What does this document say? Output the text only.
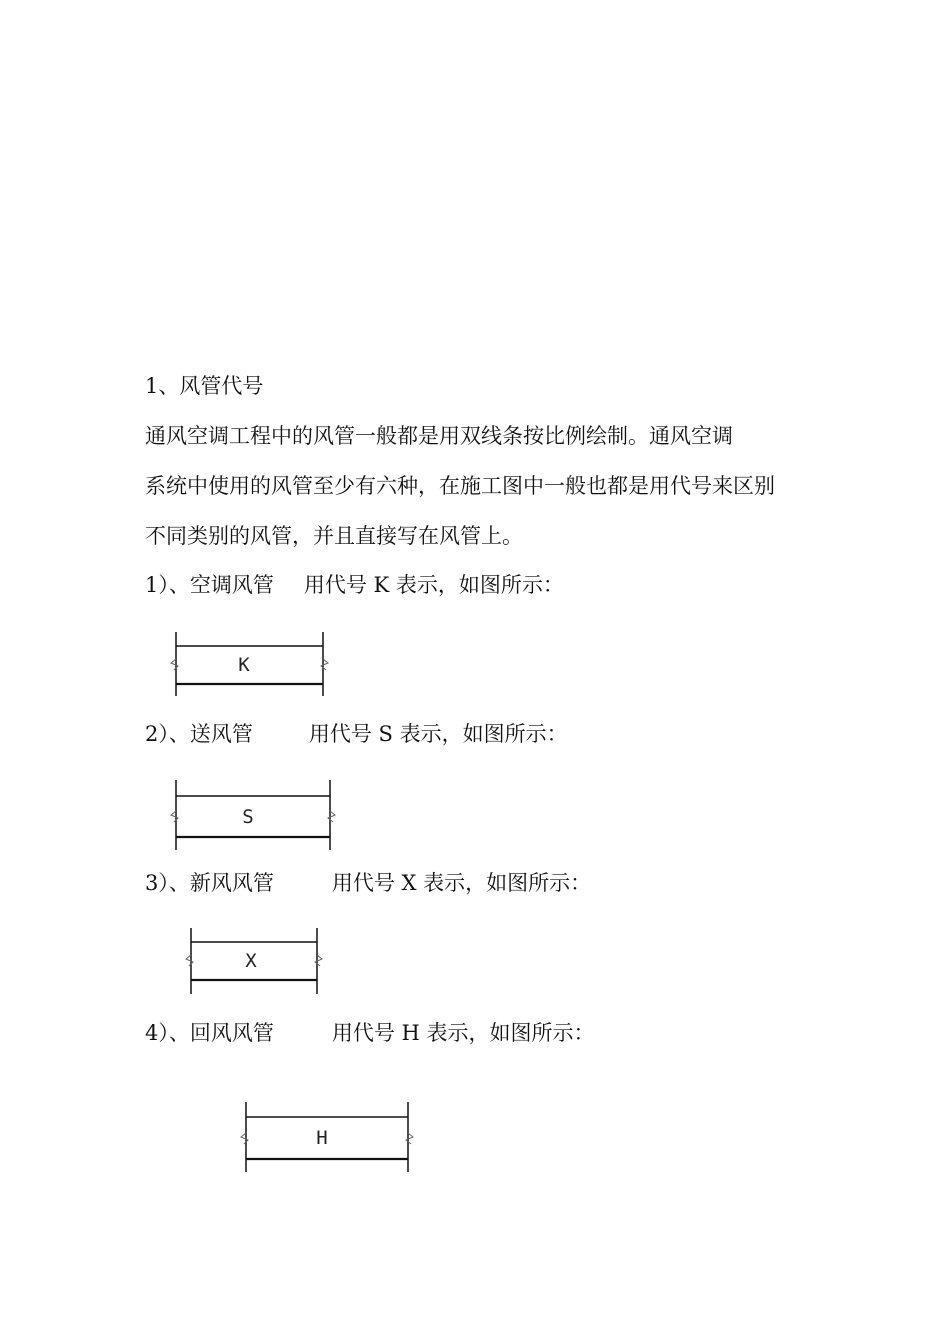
1、风管代号
通风空调工程中的风管一般都是用双线条按比例绘制。通风空调
系统中使用的风管至少有六种，在施工图中一般也都是用代号来区别
不同类别的风管，并且直接写在风管上。
1）、空调风管 用代号 K 表示，如图所示：
K
2）、送风管	用代号 S 表示，如图所示：
S
3）、新风风管	用代号 X 表示，如图所示：
X
4）、回风风管	用代号 H 表示，如图所示：
H
